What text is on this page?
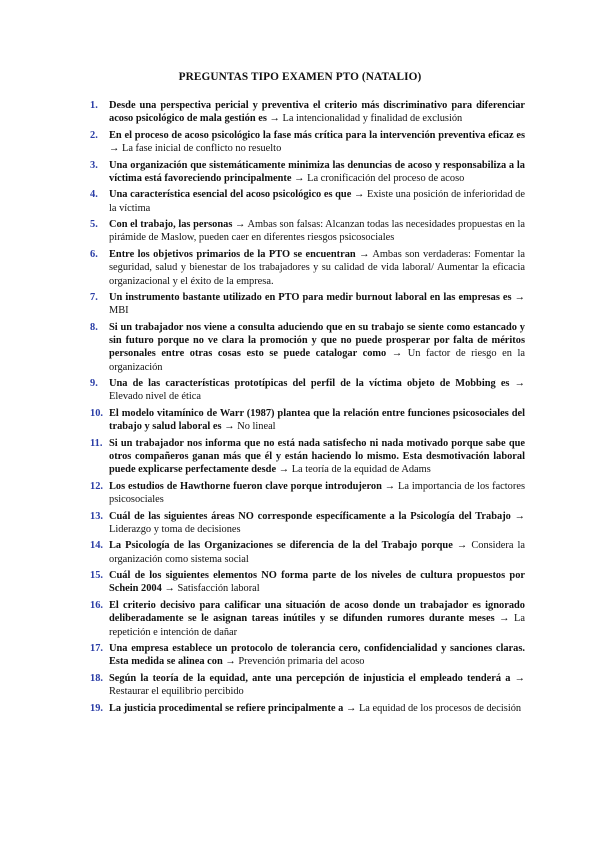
PREGUNTAS TIPO EXAMEN PTO (NATALIO)
1. Desde una perspectiva pericial y preventiva el criterio más discriminativo para diferenciar acoso psicológico de mala gestión es → La intencionalidad y finalidad de exclusión
2. En el proceso de acoso psicológico la fase más crítica para la intervención preventiva eficaz es → La fase inicial de conflicto no resuelto
3. Una organización que sistemáticamente minimiza las denuncias de acoso y responsabiliza a la víctima está favoreciendo principalmente → La cronificación del proceso de acoso
4. Una característica esencial del acoso psicológico es que → Existe una posición de inferioridad de la víctima
5. Con el trabajo, las personas → Ambas son falsas: Alcanzan todas las necesidades propuestas en la pirámide de Maslow, pueden caer en diferentes riesgos psicosociales
6. Entre los objetivos primarios de la PTO se encuentran → Ambas son verdaderas: Fomentar la seguridad, salud y bienestar de los trabajadores y su calidad de vida laboral/ Aumentar la eficacia organizacional y el éxito de la empresa.
7. Un instrumento bastante utilizado en PTO para medir burnout laboral en las empresas es → MBI
8. Si un trabajador nos viene a consulta aduciendo que en su trabajo se siente como estancado y sin futuro porque no ve clara la promoción y que no puede prosperar por falta de méritos personales entre otras cosas esto se puede catalogar como → Un factor de riesgo en la organización
9. Una de las características prototípicas del perfil de la víctima objeto de Mobbing es → Elevado nivel de ética
10. El modelo vitamínico de Warr (1987) plantea que la relación entre funciones psicosociales del trabajo y salud laboral es → No lineal
11. Si un trabajador nos informa que no está nada satisfecho ni nada motivado porque sabe que otros compañeros ganan más que él y están haciendo lo mismo. Esta desmotivación laboral puede explicarse perfectamente desde → La teoría de la equidad de Adams
12. Los estudios de Hawthorne fueron clave porque introdujeron → La importancia de los factores psicosociales
13. Cuál de las siguientes áreas NO corresponde específicamente a la Psicología del Trabajo → Liderazgo y toma de decisiones
14. La Psicología de las Organizaciones se diferencia de la del Trabajo porque → Considera la organización como sistema social
15. Cuál de los siguientes elementos NO forma parte de los niveles de cultura propuestos por Schein 2004 → Satisfacción laboral
16. El criterio decisivo para calificar una situación de acoso donde un trabajador es ignorado deliberadamente se le asignan tareas inútiles y se difunden rumores durante meses → La repetición e intención de dañar
17. Una empresa establece un protocolo de tolerancia cero, confidencialidad y sanciones claras. Esta medida se alinea con → Prevención primaria del acoso
18. Según la teoría de la equidad, ante una percepción de injusticia el empleado tenderá a → Restaurar el equilibrio percibido
19. La justicia procedimental se refiere principalmente a → La equidad de los procesos de decisión
